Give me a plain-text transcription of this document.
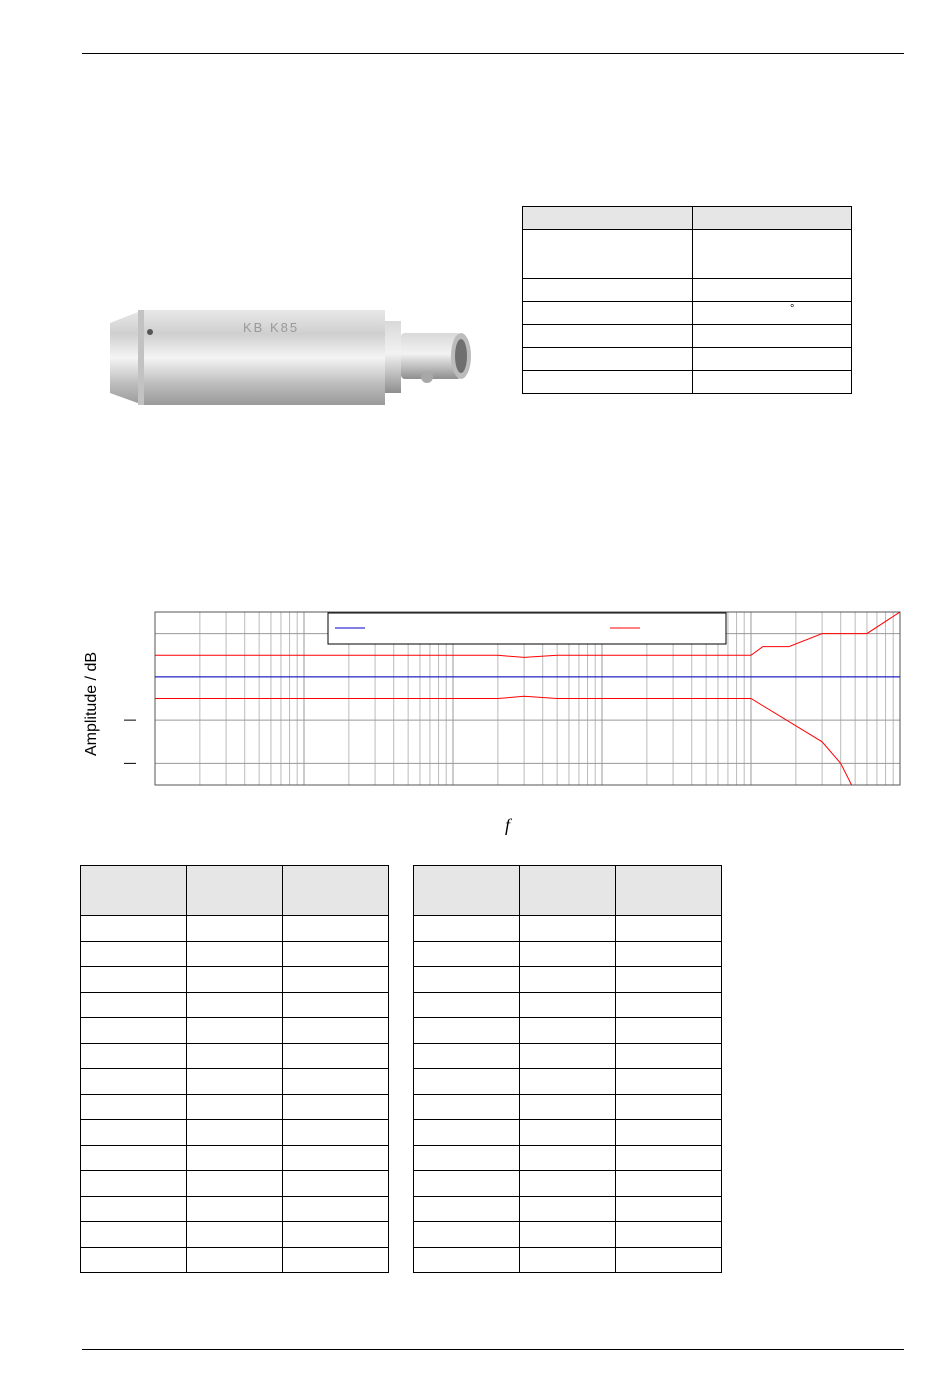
KB K85

	°

Amplitude / dB
f
